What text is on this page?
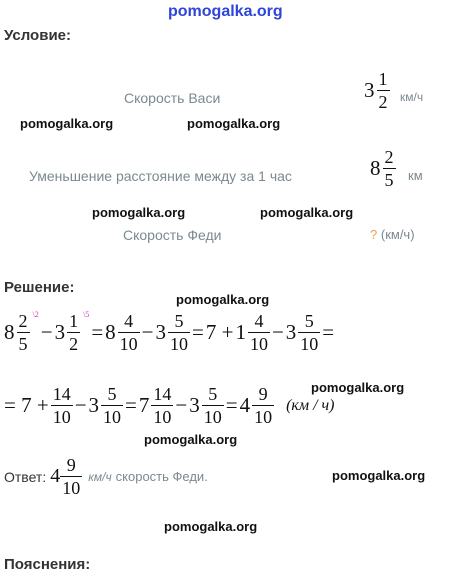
pomogalka.org
pomogalka.org	pomogalka.org
pomogalka.org	pomogalka.org
pomogalka.org
pomogalka.org
pomogalka.org
pomogalka.org
pomogalka.org
Условие:
Скорость Васи	3 1
2 км/ч
Уменьшение расстояние между за 1 час	8 2
5 км
Скорость Феди	? (км/ч)
Решение:
8 2
5
\2
− 3 1
2
\5
= 8 4
10 − 3 5
10 = 7 + 1 4
10 − 3 5
10 =
= 7 + 14
10 − 3 5
10 = 7 14
10 − 3 5
10 = 4 9
10
(км / ч)
Ответ: 4 9
10
км/ч скорость Феди.
Пояснения:
